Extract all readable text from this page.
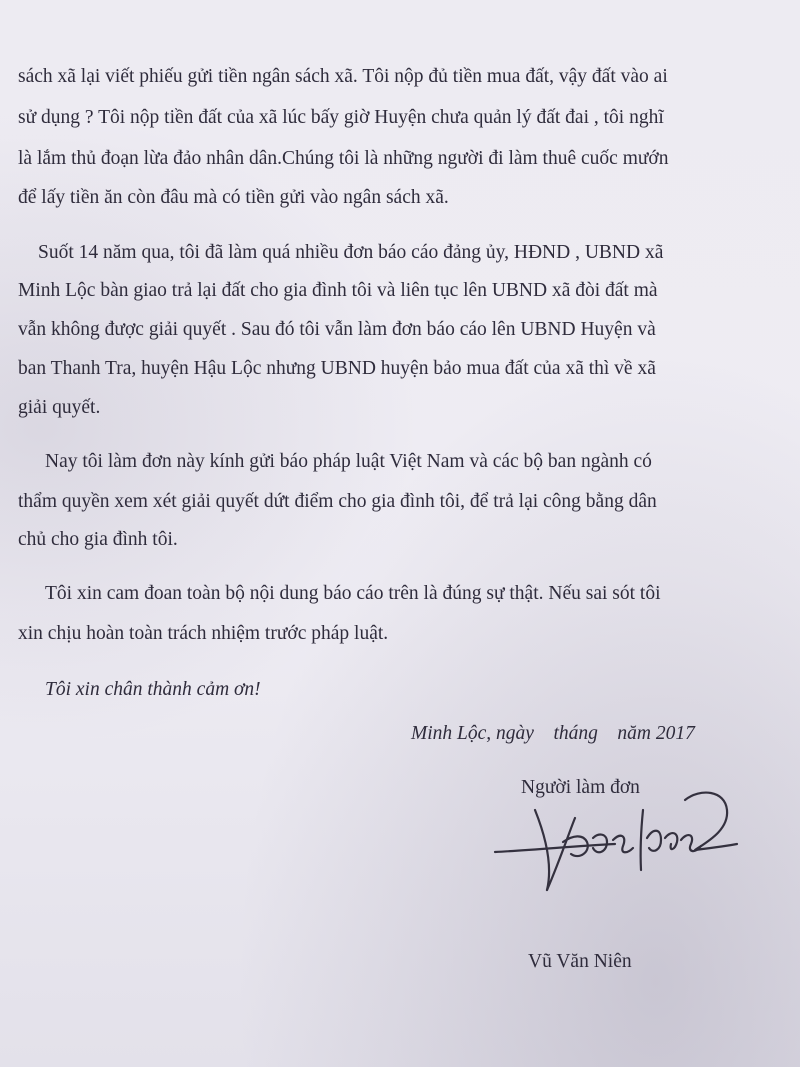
sách xã lại viết phiếu gửi tiền ngân sách xã. Tôi nộp đủ tiền mua đất, vậy đất vào ai

sử dụng ? Tôi nộp tiền đất của xã lúc bấy giờ Huyện chưa quản lý đất đai , tôi nghĩ

là lắm thủ đoạn lừa đảo nhân dân.Chúng tôi là những người đi làm thuê cuốc mướn

để lấy tiền ăn còn đâu mà có tiền gửi vào ngân sách xã.

Suốt 14 năm qua, tôi đã làm quá nhiều đơn báo cáo đảng ủy, HĐND , UBND xã

Minh Lộc bàn giao trả lại đất cho gia đình tôi và liên tục lên UBND xã đòi đất mà

vẫn không được giải quyết . Sau đó tôi vẫn làm đơn báo cáo lên UBND Huyện và

ban Thanh Tra, huyện Hậu Lộc nhưng UBND huyện bảo mua đất của xã thì về xã

giải quyết.

Nay tôi làm đơn này kính gửi báo pháp luật Việt Nam và các bộ ban ngành có

thẩm quyền xem xét giải quyết dứt điểm cho gia đình tôi, để trả lại công bằng dân

chủ cho gia đình tôi.

Tôi xin cam đoan toàn bộ nội dung báo cáo trên là đúng sự thật. Nếu sai sót tôi

xin chịu hoàn toàn trách nhiệm trước pháp luật.

Tôi xin chân thành cảm ơn!

Minh Lộc, ngày    tháng    năm 2017

Người làm đơn

Vũ Văn Niên
